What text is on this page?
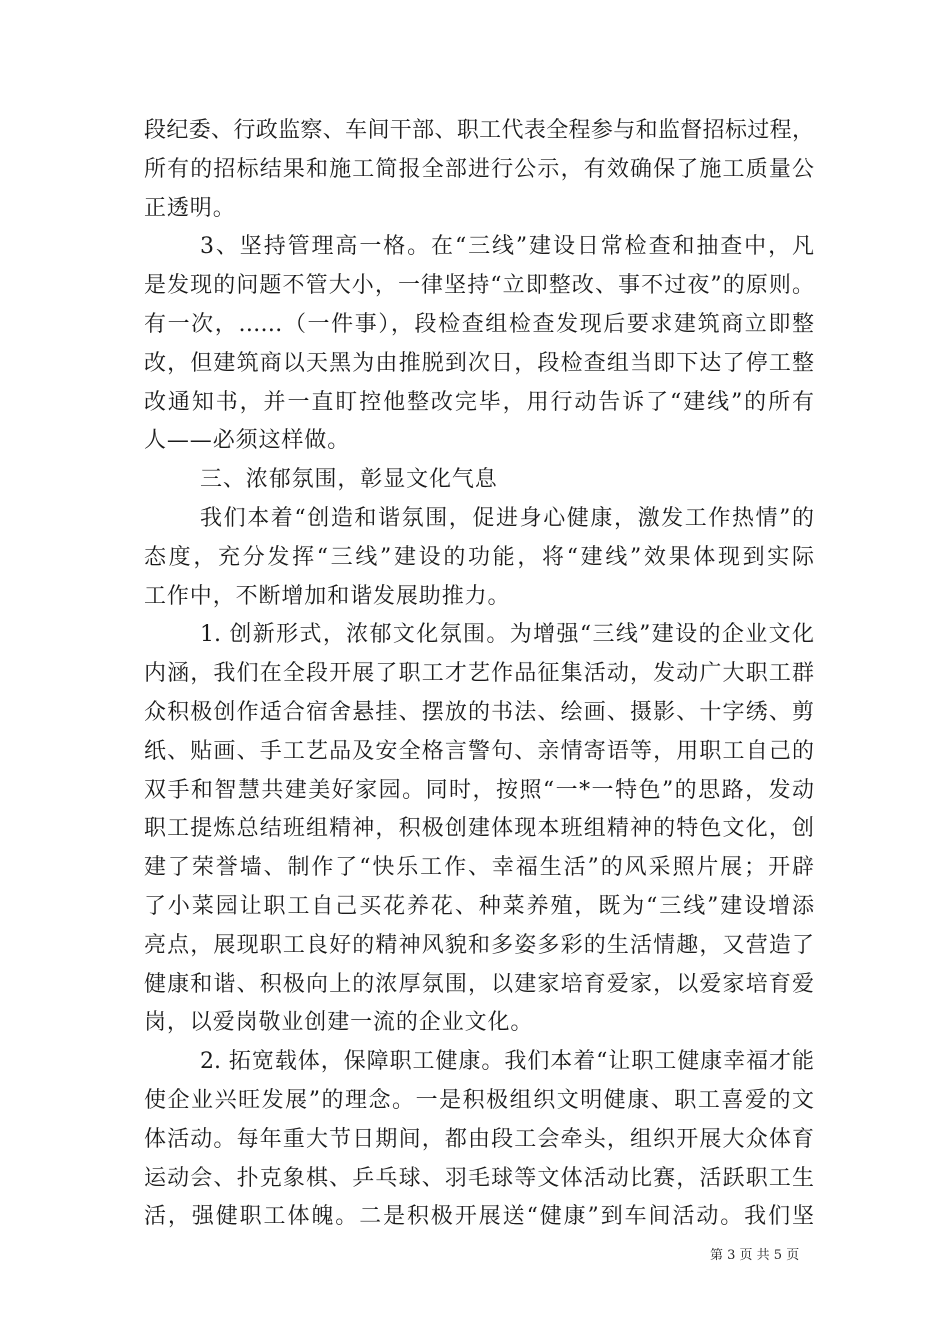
段纪委、行政监察、车间干部、职工代表全程参与和监督招标过程，
所有的招标结果和施工简报全部进行公示，有效确保了施工质量公
正透明。
3、坚持管理高一格。在“三线”建设日常检查和抽查中，凡
是发现的问题不管大小，一律坚持“立即整改、事不过夜”的原则。
有一次，……（一件事），段检查组检查发现后要求建筑商立即整
改，但建筑商以天黑为由推脱到次日，段检查组当即下达了停工整
改通知书，并一直盯控他整改完毕，用行动告诉了“建线”的所有
人——必须这样做。
三、浓郁氛围，彰显文化气息
我们本着“创造和谐氛围，促进身心健康，激发工作热情”的
态度，充分发挥“三线”建设的功能，将“建线”效果体现到实际
工作中，不断增加和谐发展助推力。
1. 创新形式，浓郁文化氛围。为增强“三线”建设的企业文化
内涵，我们在全段开展了职工才艺作品征集活动，发动广大职工群
众积极创作适合宿舍悬挂、摆放的书法、绘画、摄影、十字绣、剪
纸、贴画、手工艺品及安全格言警句、亲情寄语等，用职工自己的
双手和智慧共建美好家园。同时，按照“一*一特色”的思路，发动
职工提炼总结班组精神，积极创建体现本班组精神的特色文化，创
建了荣誉墙、制作了“快乐工作、幸福生活”的风采照片展；开辟
了小菜园让职工自己买花养花、种菜养殖，既为“三线”建设增添
亮点，展现职工良好的精神风貌和多姿多彩的生活情趣，又营造了
健康和谐、积极向上的浓厚氛围，以建家培育爱家，以爱家培育爱
岗，以爱岗敬业创建一流的企业文化。
2. 拓宽载体，保障职工健康。我们本着“让职工健康幸福才能
使企业兴旺发展”的理念。一是积极组织文明健康、职工喜爱的文
体活动。每年重大节日期间，都由段工会牵头，组织开展大众体育
运动会、扑克象棋、乒乓球、羽毛球等文体活动比赛，活跃职工生
活，强健职工体魄。二是积极开展送“健康”到车间活动。我们坚
第 3 页 共 5 页
